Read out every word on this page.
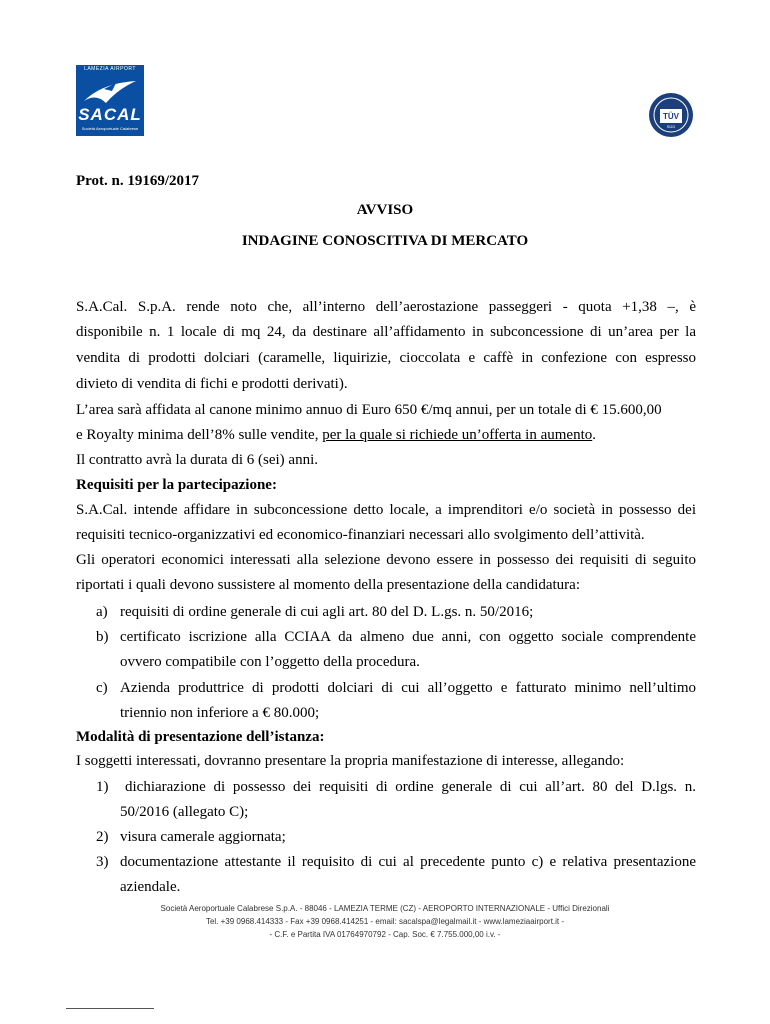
LAMEZIA AIRPORT
SACAL
Società Aeroportuale Calabrese
TÜV
SÜD
Prot. n. 19169/2017
AVVISO
INDAGINE CONOSCITIVA DI MERCATO
S.A.Cal. S.p.A. rende noto che, all’interno dell’aerostazione passeggeri - quota +1,38 –, è
disponibile n. 1 locale di mq 24, da destinare all’affidamento in subconcessione di un’area per la
vendita di prodotti dolciari (caramelle, liquirizie, cioccolata e caffè in confezione con espresso
divieto di vendita di fichi e prodotti derivati).
L’area sarà affidata al canone minimo annuo di Euro 650 €/mq annui, per un totale di € 15.600,00
e Royalty minima dell’8% sulle vendite, per la quale si richiede un’offerta in aumento.
Il contratto avrà la durata di 6 (sei) anni.
Requisiti per la partecipazione:
S.A.Cal. intende affidare in subconcessione detto locale, a imprenditori e/o società in possesso dei
requisiti tecnico-organizzativi ed economico-finanziari necessari allo svolgimento dell’attività.
Gli operatori economici interessati alla selezione devono essere in possesso dei requisiti di seguito
riportati i quali devono sussistere al momento della presentazione della candidatura:
a) requisiti di ordine generale di cui agli art. 80 del D. L.gs. n. 50/2016;
b) certificato iscrizione alla CCIAA da almeno due anni, con oggetto sociale comprendente
ovvero compatibile con l’oggetto della procedura.
c) Azienda produttrice di prodotti dolciari di cui all’oggetto e fatturato minimo nell’ultimo
triennio non inferiore a € 80.000;
Modalità di presentazione dell’istanza:
I soggetti interessati, dovranno presentare la propria manifestazione di interesse, allegando:
1) dichiarazione di possesso dei requisiti di ordine generale di cui all’art. 80 del D.lgs. n.
50/2016 (allegato C);
2) visura camerale aggiornata;
3) documentazione attestante il requisito di cui al precedente punto c) e relativa presentazione
aziendale.
Società Aeroportuale Calabrese S.p.A. - 88046 - LAMEZIA TERME (CZ) - AEROPORTO INTERNAZIONALE - Uffici Direzionali
Tel. +39 0968.414333 - Fax +39 0968.414251 - email: sacalspa@legalmail.it - www.lameziaairport.it -
- C.F. e Partita IVA 01764970792 - Cap. Soc. € 7.755.000,00 i.v. -
